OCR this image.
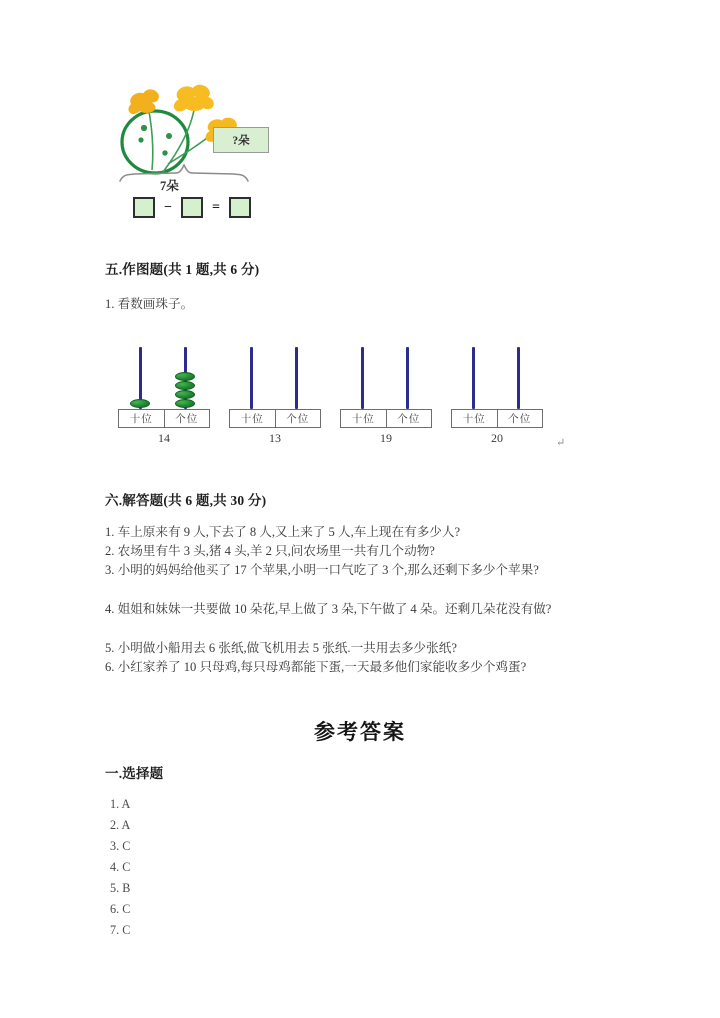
?朵
7朵
−	=
五.作图题(共 1 题,共 6 分)
1. 看数画珠子。
十位	个位
14
十位	个位
13
十位	个位
19
十位	个位
20	↵
六.解答题(共 6 题,共 30 分)
1. 车上原来有 9 人,下去了 8 人,又上来了 5 人,车上现在有多少人?
2. 农场里有牛 3 头,猪 4 头,羊 2 只,问农场里一共有几个动物?
3. 小明的妈妈给他买了 17 个苹果,小明一口气吃了 3 个,那么还剩下多少个苹果?
4. 姐姐和妹妹一共要做 10 朵花,早上做了 3 朵,下午做了 4 朵。还剩几朵花没有做?
5. 小明做小船用去 6 张纸,做飞机用去 5 张纸.一共用去多少张纸?
6. 小红家养了 10 只母鸡,每只母鸡都能下蛋,一天最多他们家能收多少个鸡蛋?
参考答案
一.选择题
1. A
2. A
3. C
4. C
5. B
6. C
7. C
